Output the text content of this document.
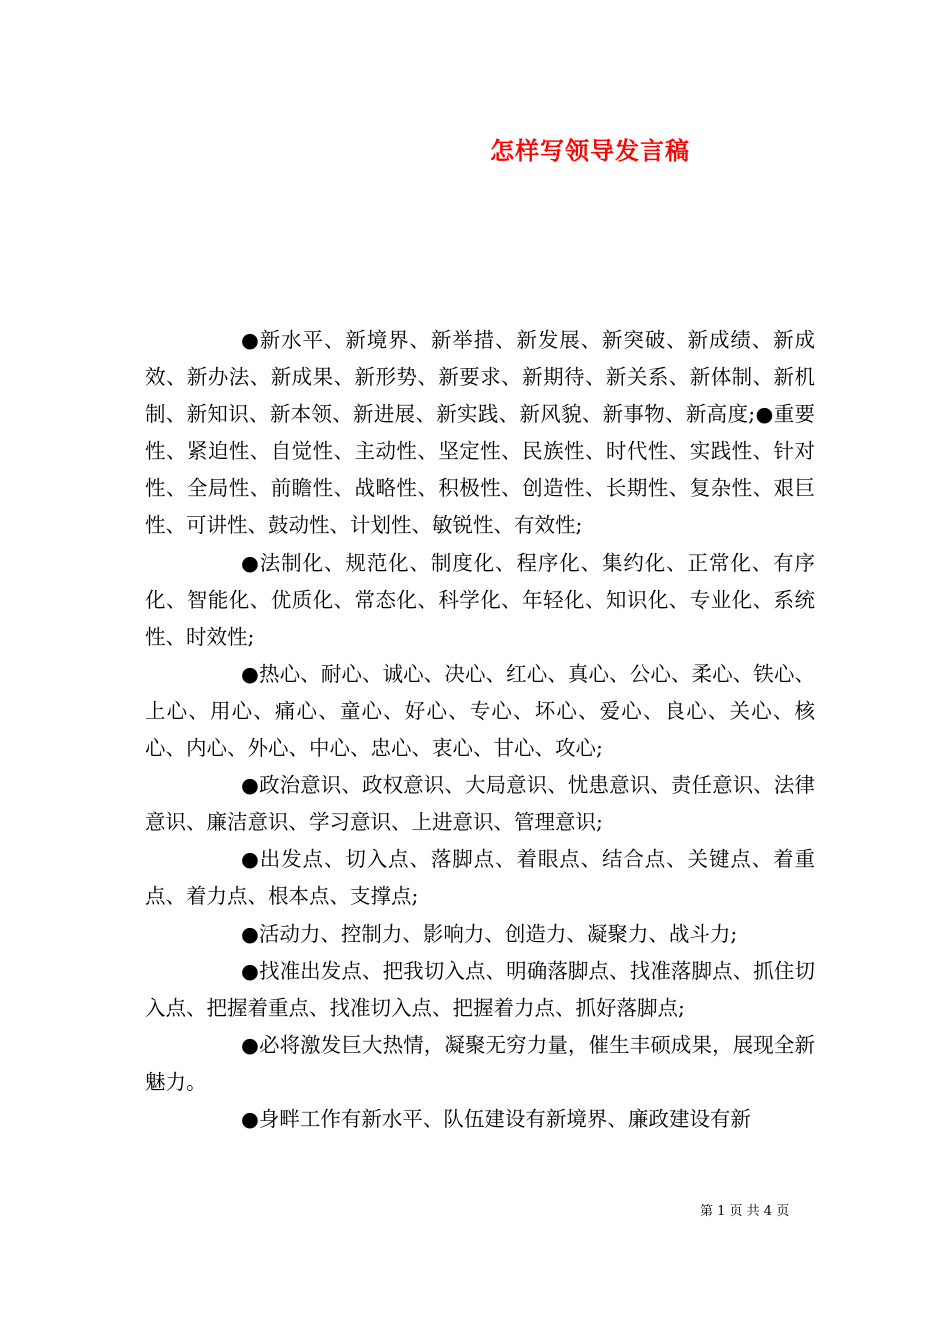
怎样写领导发言稿

●新水平、新境界、新举措、新发展、新突破、新成绩、新成效、新办法、新成果、新形势、新要求、新期待、新关系、新体制、新机制、新知识、新本领、新进展、新实践、新风貌、新事物、新高度;●重要性、紧迫性、自觉性、主动性、坚定性、民族性、时代性、实践性、针对性、全局性、前瞻性、战略性、积极性、创造性、长期性、复杂性、艰巨性、可讲性、鼓动性、计划性、敏锐性、有效性;

●法制化、规范化、制度化、程序化、集约化、正常化、有序化、智能化、优质化、常态化、科学化、年轻化、知识化、专业化、系统性、时效性;

●热心、耐心、诚心、决心、红心、真心、公心、柔心、铁心、上心、用心、痛心、童心、好心、专心、坏心、爱心、良心、关心、核心、内心、外心、中心、忠心、衷心、甘心、攻心;

●政治意识、政权意识、大局意识、忧患意识、责任意识、法律意识、廉洁意识、学习意识、上进意识、管理意识;

●出发点、切入点、落脚点、着眼点、结合点、关键点、着重点、着力点、根本点、支撑点;

●活动力、控制力、影响力、创造力、凝聚力、战斗力;

●找准出发点、把我切入点、明确落脚点、找准落脚点、抓住切入点、把握着重点、找准切入点、把握着力点、抓好落脚点;

●必将激发巨大热情，凝聚无穷力量，催生丰硕成果，展现全新魅力。

●身畔工作有新水平、队伍建设有新境界、廉政建设有新

第 1 页 共 4 页
